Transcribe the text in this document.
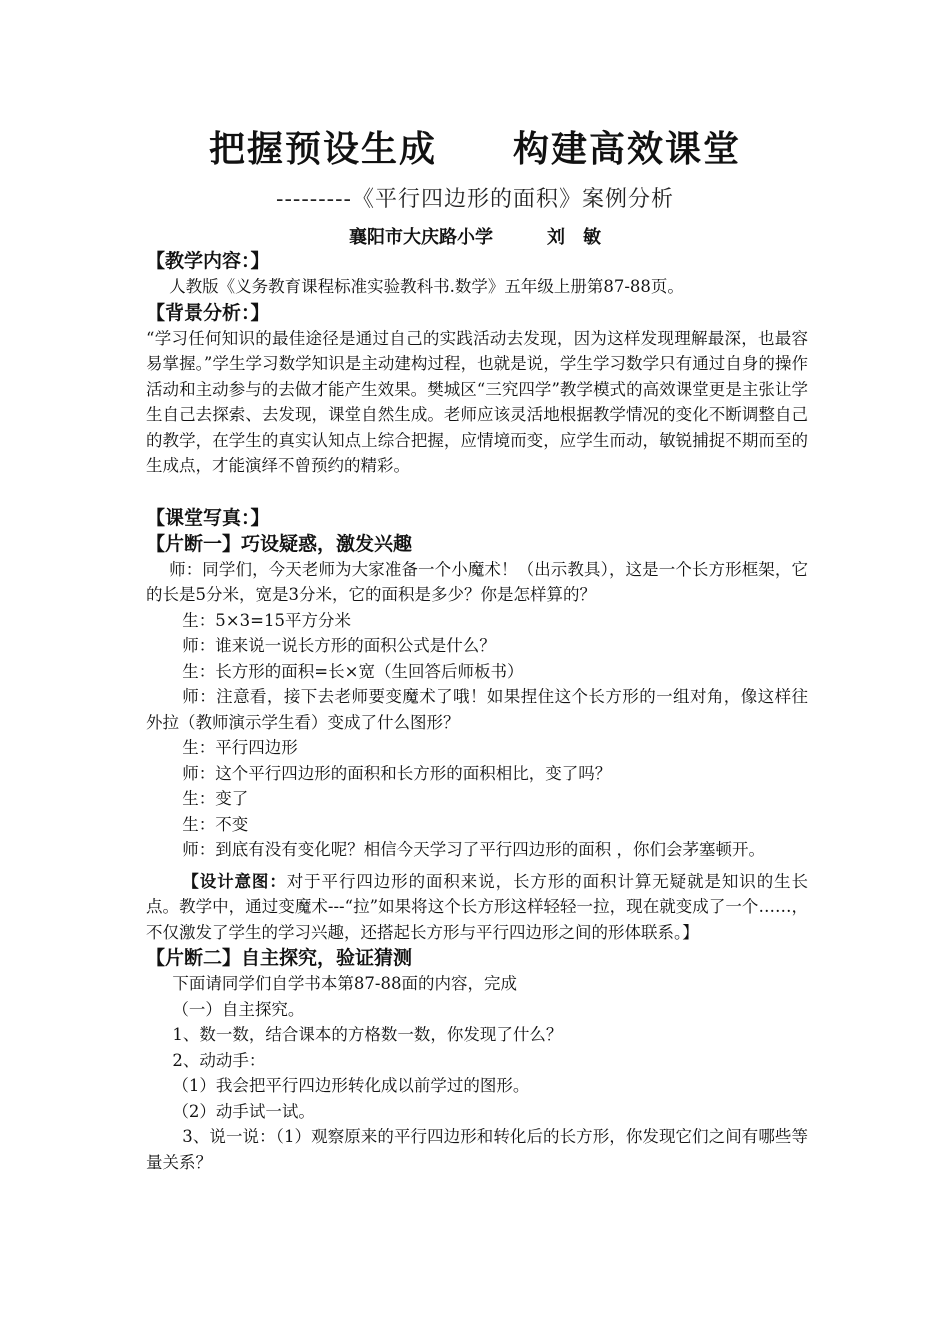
把握预设生成　　构建高效课堂
---------《平行四边形的面积》案例分析
襄阳市大庆路小学　　　刘　敏

【教学内容：】

人教版《义务教育课程标准实验教科书.数学》五年级上册第87-88页。

【背景分析：】

“学习任何知识的最佳途径是通过自己的实践活动去发现，因为这样发现理解最深，也最容易掌握。”学生学习数学知识是主动建构过程，也就是说，学生学习数学只有通过自身的操作活动和主动参与的去做才能产生效果。樊城区“三究四学”教学模式的高效课堂更是主张让学生自己去探索、去发现，课堂自然生成。老师应该灵活地根据教学情况的变化不断调整自己的教学，在学生的真实认知点上综合把握，应情境而变，应学生而动，敏锐捕捉不期而至的生成点，才能演绎不曾预约的精彩。

【课堂写真：】

【片断一】巧设疑惑，激发兴趣

师：同学们，今天老师为大家准备一个小魔术！（出示教具），这是一个长方形框架，它的长是5分米，宽是3分米，它的面积是多少？你是怎样算的？

生：5×3=15平方分米

师：谁来说一说长方形的面积公式是什么？

生：长方形的面积=长×宽（生回答后师板书）

师：注意看，接下去老师要变魔术了哦！如果捏住这个长方形的一组对角，像这样往外拉（教师演示学生看）变成了什么图形？

生：平行四边形

师：这个平行四边形的面积和长方形的面积相比，变了吗？

生：变了

生：不变

师：到底有没有变化呢？相信今天学习了平行四边形的面积 ，你们会茅塞顿开。

【设计意图：对于平行四边形的面积来说，长方形的面积计算无疑就是知识的生长点。教学中，通过变魔术---“拉”如果将这个长方形这样轻轻一拉，现在就变成了一个……，不仅激发了学生的学习兴趣，还搭起长方形与平行四边形之间的形体联系。】

【片断二】自主探究，验证猜测

下面请同学们自学书本第87-88面的内容，完成

（一）自主探究。

1、数一数，结合课本的方格数一数，你发现了什么？

2、动动手：

（1）我会把平行四边形转化成以前学过的图形。

（2）动手试一试。

3、说一说：（1）观察原来的平行四边形和转化后的长方形，你发现它们之间有哪些等量关系？
